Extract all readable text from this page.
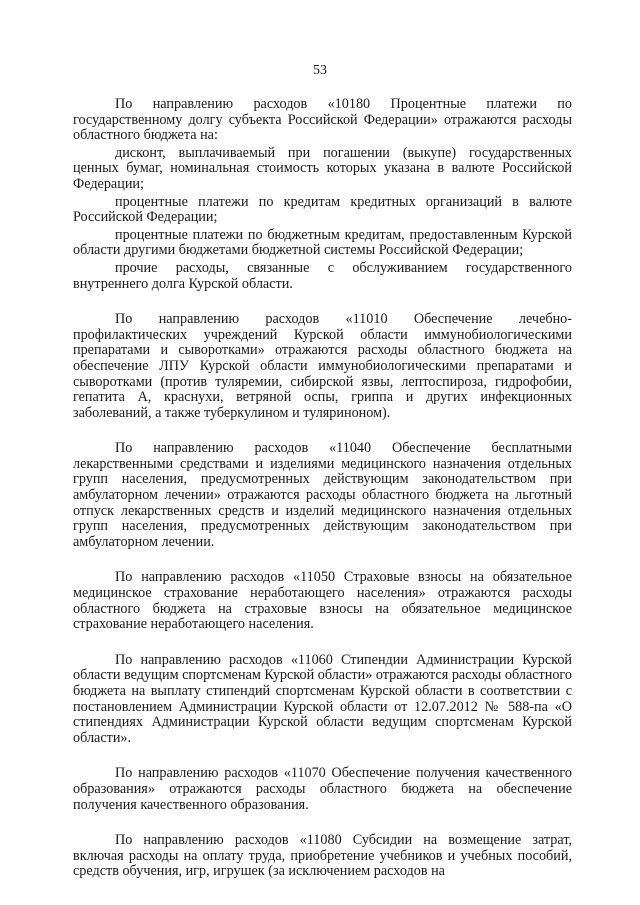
53

По направлению расходов «10180 Процентные платежи по государственному долгу субъекта Российской Федерации» отражаются расходы областного бюджета на:

дисконт, выплачиваемый при погашении (выкупе) государственных ценных бумаг, номинальная стоимость которых указана в валюте Российской Федерации;

процентные платежи по кредитам кредитных организаций в валюте Российской Федерации;

процентные платежи по бюджетным кредитам, предоставленным Курской области другими бюджетами бюджетной системы Российской Федерации;

прочие расходы, связанные с обслуживанием государственного внутреннего долга Курской области.

По направлению расходов «11010 Обеспечение лечебно-профилактических учреждений Курской области иммунобиологическими препаратами и сыворотками» отражаются расходы областного бюджета на обеспечение ЛПУ Курской области иммунобиологическими препаратами и сыворотками (против туляремии, сибирской язвы, лептоспироза, гидрофобии, гепатита А, краснухи, ветряной оспы, гриппа и других инфекционных заболеваний, а также туберкулином и туляриноном).

По направлению расходов «11040 Обеспечение бесплатными лекарственными средствами и изделиями медицинского назначения отдельных групп населения, предусмотренных действующим законодательством при амбулаторном лечении» отражаются расходы областного бюджета на льготный отпуск лекарственных средств и изделий медицинского назначения отдельных групп населения, предусмотренных действующим законодательством при амбулаторном лечении.

По направлению расходов «11050 Страховые взносы на обязательное медицинское страхование неработающего населения» отражаются расходы областного бюджета на страховые взносы на обязательное медицинское страхование неработающего населения.

По направлению расходов «11060 Стипендии Администрации Курской области ведущим спортсменам Курской области» отражаются расходы областного бюджета на выплату стипендий спортсменам Курской области в соответствии с постановлением Администрации Курской области от 12.07.2012 № 588-па «О стипендиях Администрации Курской области ведущим спортсменам Курской области».

По направлению расходов «11070 Обеспечение получения качественного образования» отражаются расходы областного бюджета на обеспечение получения качественного образования.

По направлению расходов «11080 Субсидии на возмещение затрат, включая расходы на оплату труда, приобретение учебников и учебных пособий, средств обучения, игр, игрушек (за исключением расходов на
